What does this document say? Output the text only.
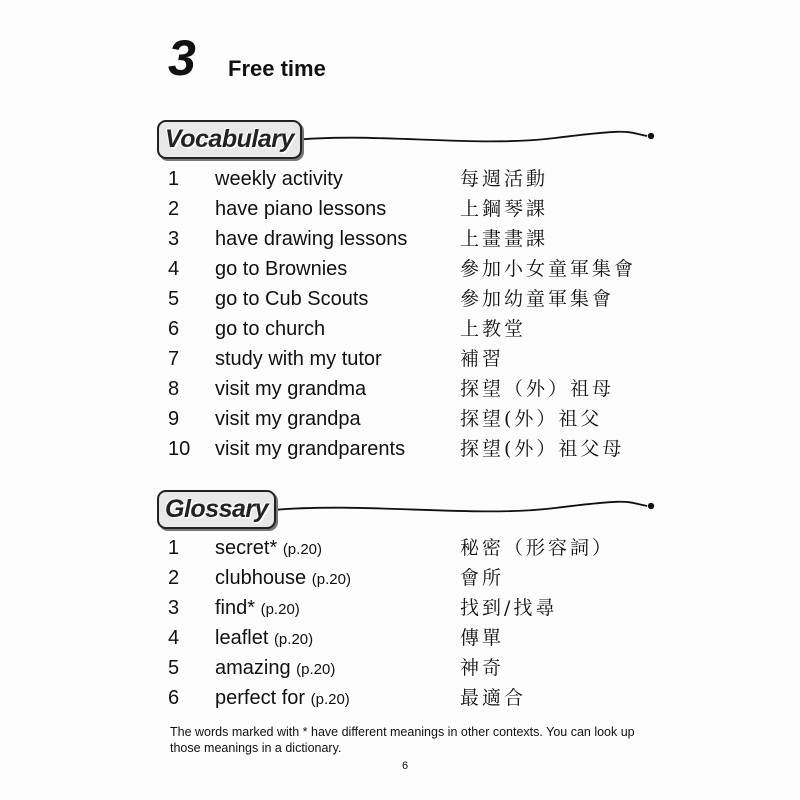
3 Free time
Vocabulary
1	weekly activity	每週活動
2	have piano lessons	上鋼琴課
3	have drawing lessons	上畫畫課
4	go to Brownies	參加小女童軍集會
5	go to Cub Scouts	參加幼童軍集會
6	go to church	上教堂
7	study with my tutor	補習
8	visit my grandma	探望（外）祖母
9	visit my grandpa	探望(外）祖父
10	visit my grandparents	探望(外）祖父母
Glossary
1	secret* (p.20)	秘密（形容詞）
2	clubhouse (p.20)	會所
3	find* (p.20)	找到/找尋
4	leaflet (p.20)	傳單
5	amazing (p.20)	神奇
6	perfect for (p.20)	最適合
The words marked with * have different meanings in other contexts. You can look up those meanings in a dictionary.
6
